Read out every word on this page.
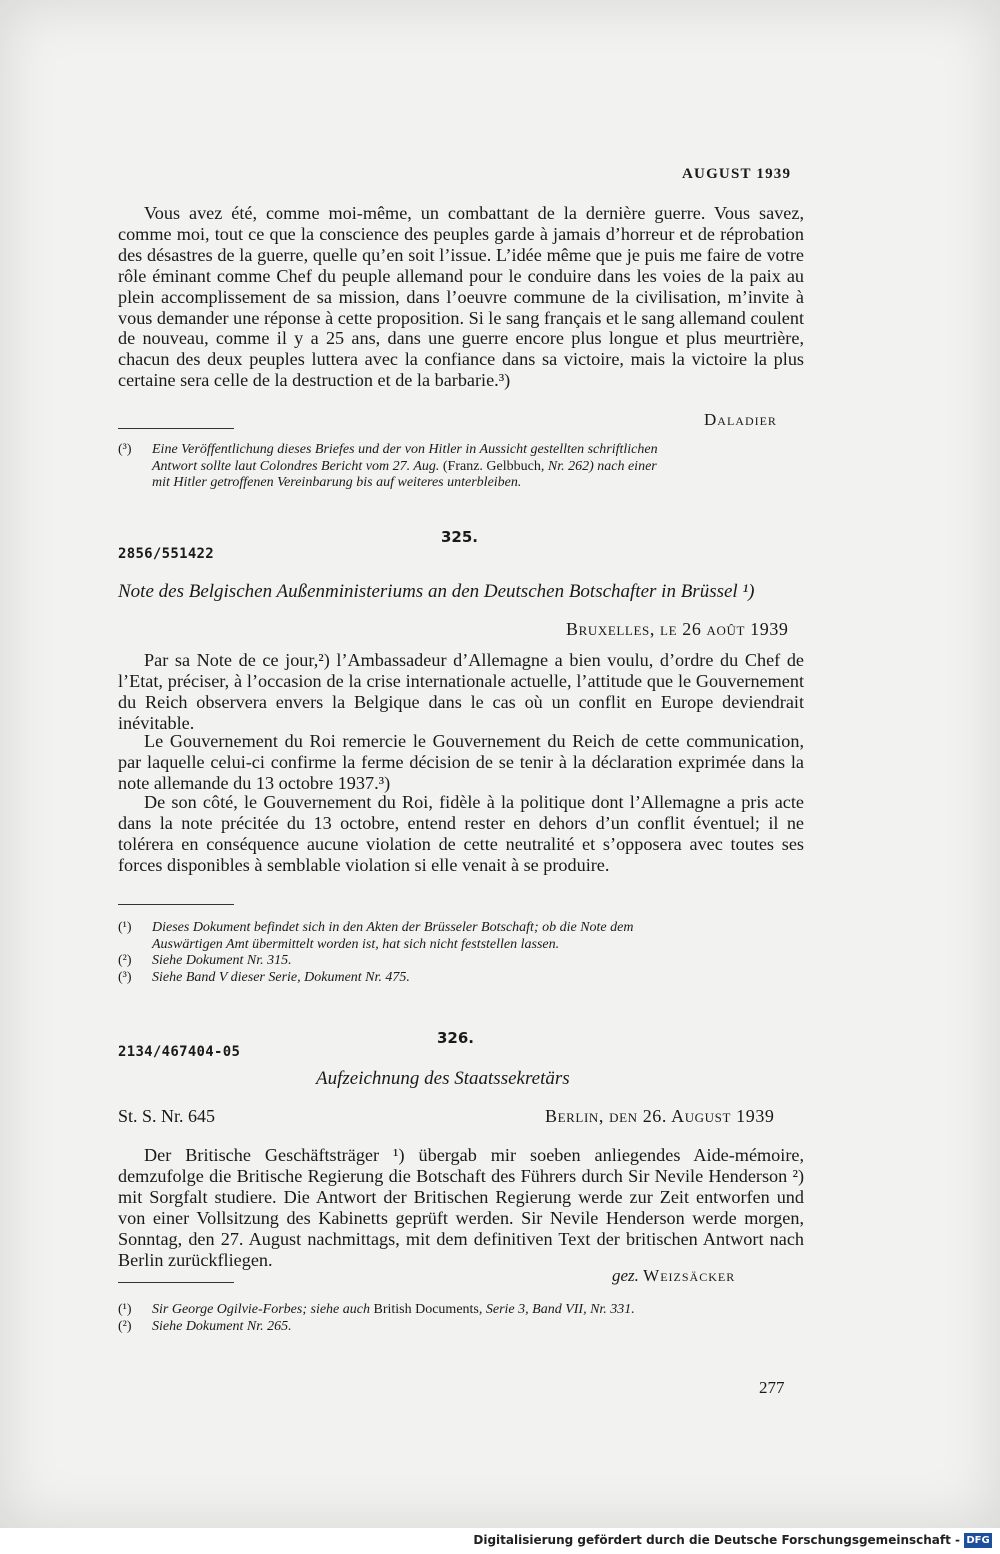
AUGUST 1939

Vous avez été, comme moi-même, un combattant de la dernière guerre. Vous savez, comme moi, tout ce que la conscience des peuples garde à jamais d’horreur et de réprobation des désastres de la guerre, quelle qu’en soit l’issue. L’idée même que je puis me faire de votre rôle éminant comme Chef du peuple allemand pour le conduire dans les voies de la paix au plein accomplissement de sa mission, dans l’oeuvre commune de la civilisation, m’invite à vous demander une réponse à cette proposition. Si le sang français et le sang allemand coulent de nouveau, comme il y a 25 ans, dans une guerre encore plus longue et plus meurtrière, chacun des deux peuples luttera avec la confiance dans sa victoire, mais la victoire la plus certaine sera celle de la destruction et de la barbarie.³)

Daladier
(³) Eine Veröffentlichung dieses Briefes und der von Hitler in Aussicht gestellten schriftlichen
Antwort sollte laut Colondres Bericht vom 27. Aug. (Franz. Gelbbuch, Nr. 262) nach einer
mit Hitler getroffenen Vereinbarung bis auf weiteres unterbleiben.
325.
2856/551422
Note des Belgischen Außenministeriums an den Deutschen Botschafter in Brüssel ¹)
Bruxelles, le 26 août 1939

Par sa Note de ce jour,²) l’Ambassadeur d’Allemagne a bien voulu, d’ordre du Chef de l’Etat, préciser, à l’occasion de la crise internationale actuelle, l’attitude que le Gouvernement du Reich observera envers la Belgique dans le cas où un conflit en Europe deviendrait inévitable.

Le Gouvernement du Roi remercie le Gouvernement du Reich de cette communication, par laquelle celui-ci confirme la ferme décision de se tenir à la déclaration exprimée dans la note allemande du 13 octobre 1937.³)

De son côté, le Gouvernement du Roi, fidèle à la politique dont l’Allemagne a pris acte dans la note précitée du 13 octobre, entend rester en dehors d’un conflit éventuel; il ne tolérera en conséquence aucune violation de cette neutralité et s’opposera avec toutes ses forces disponibles à semblable violation si elle venait à se produire.

(¹) Dieses Dokument befindet sich in den Akten der Brüsseler Botschaft; ob die Note dem
Auswärtigen Amt übermittelt worden ist, hat sich nicht feststellen lassen.
(²) Siehe Dokument Nr. 315.
(³) Siehe Band V dieser Serie, Dokument Nr. 475.
326.
2134/467404-05
Aufzeichnung des Staatssekretärs
St. S. Nr. 645	Berlin, den 26. August 1939

Der Britische Geschäftsträger ¹) übergab mir soeben anliegendes Aide-mémoire, demzufolge die Britische Regierung die Botschaft des Führers durch Sir Nevile Henderson ²) mit Sorgfalt studiere. Die Antwort der Britischen Regierung werde zur Zeit entworfen und von einer Vollsitzung des Kabinetts geprüft werden. Sir Nevile Henderson werde morgen, Sonntag, den 27. August nachmittags, mit dem definitiven Text der britischen Antwort nach Berlin zurückfliegen.

gez. Weizsäcker
(¹) Sir George Ogilvie-Forbes; siehe auch British Documents, Serie 3, Band VII, Nr. 331.
(²) Siehe Dokument Nr. 265.
277
Digitalisierung gefördert durch die Deutsche Forschungsgemeinschaft - DFG
